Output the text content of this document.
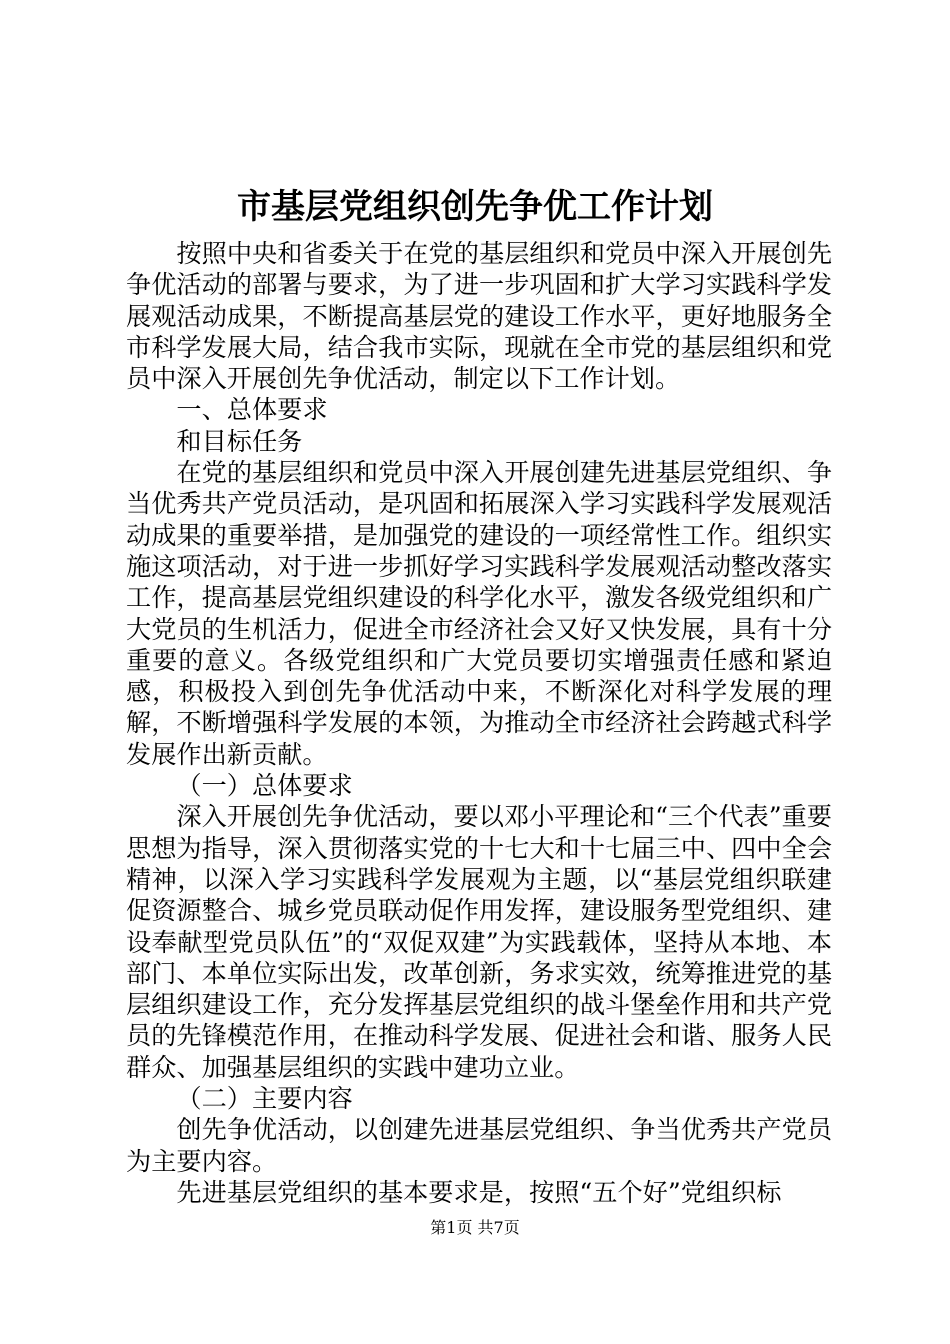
市基层党组织创先争优工作计划

按照中央和省委关于在党的基层组织和党员中深入开展创先争优活动的部署与要求，为了进一步巩固和扩大学习实践科学发展观活动成果，不断提高基层党的建设工作水平，更好地服务全市科学发展大局，结合我市实际，现就在全市党的基层组织和党员中深入开展创先争优活动，制定以下工作计划。

一、总体要求

和目标任务

在党的基层组织和党员中深入开展创建先进基层党组织、争当优秀共产党员活动，是巩固和拓展深入学习实践科学发展观活动成果的重要举措，是加强党的建设的一项经常性工作。组织实施这项活动，对于进一步抓好学习实践科学发展观活动整改落实工作，提高基层党组织建设的科学化水平，激发各级党组织和广大党员的生机活力，促进全市经济社会又好又快发展，具有十分重要的意义。各级党组织和广大党员要切实增强责任感和紧迫感，积极投入到创先争优活动中来，不断深化对科学发展的理解，不断增强科学发展的本领，为推动全市经济社会跨越式科学发展作出新贡献。

（一）总体要求

深入开展创先争优活动，要以邓小平理论和“三个代表”重要思想为指导，深入贯彻落实党的十七大和十七届三中、四中全会精神，以深入学习实践科学发展观为主题，以“基层党组织联建促资源整合、城乡党员联动促作用发挥，建设服务型党组织、建设奉献型党员队伍”的“双促双建”为实践载体，坚持从本地、本部门、本单位实际出发，改革创新，务求实效，统筹推进党的基层组织建设工作，充分发挥基层党组织的战斗堡垒作用和共产党员的先锋模范作用，在推动科学发展、促进社会和谐、服务人民群众、加强基层组织的实践中建功立业。

（二）主要内容

创先争优活动，以创建先进基层党组织、争当优秀共产党员为主要内容。

先进基层党组织的基本要求是，按照“五个好”党组织标

第1页 共7页
